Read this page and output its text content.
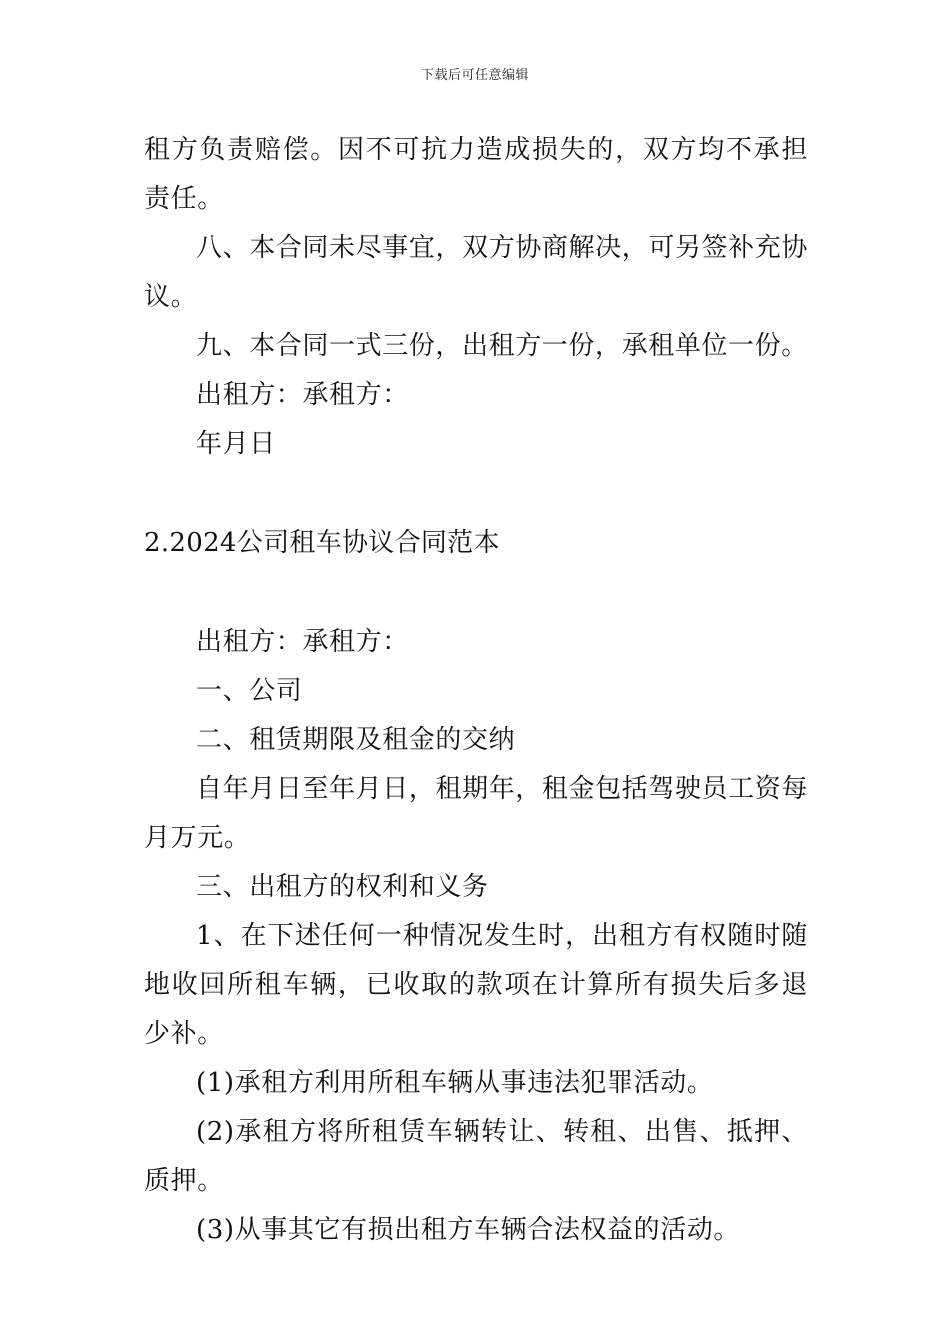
下载后可任意编辑

租方负责赔偿。因不可抗力造成损失的，双方均不承担责任。

八、本合同未尽事宜，双方协商解决，可另签补充协议。

九、本合同一式三份，出租方一份，承租单位一份。

出租方：承租方：

年月日

2.2024公司租车协议合同范本

出租方：承租方：

一、公司

二、租赁期限及租金的交纳

自年月日至年月日，租期年，租金包括驾驶员工资每月万元。

三、出租方的权利和义务

1、在下述任何一种情况发生时，出租方有权随时随地收回所租车辆，已收取的款项在计算所有损失后多退少补。

(1)承租方利用所租车辆从事违法犯罪活动。

(2)承租方将所租赁车辆转让、转租、出售、抵押、质押。

(3)从事其它有损出租方车辆合法权益的活动。
